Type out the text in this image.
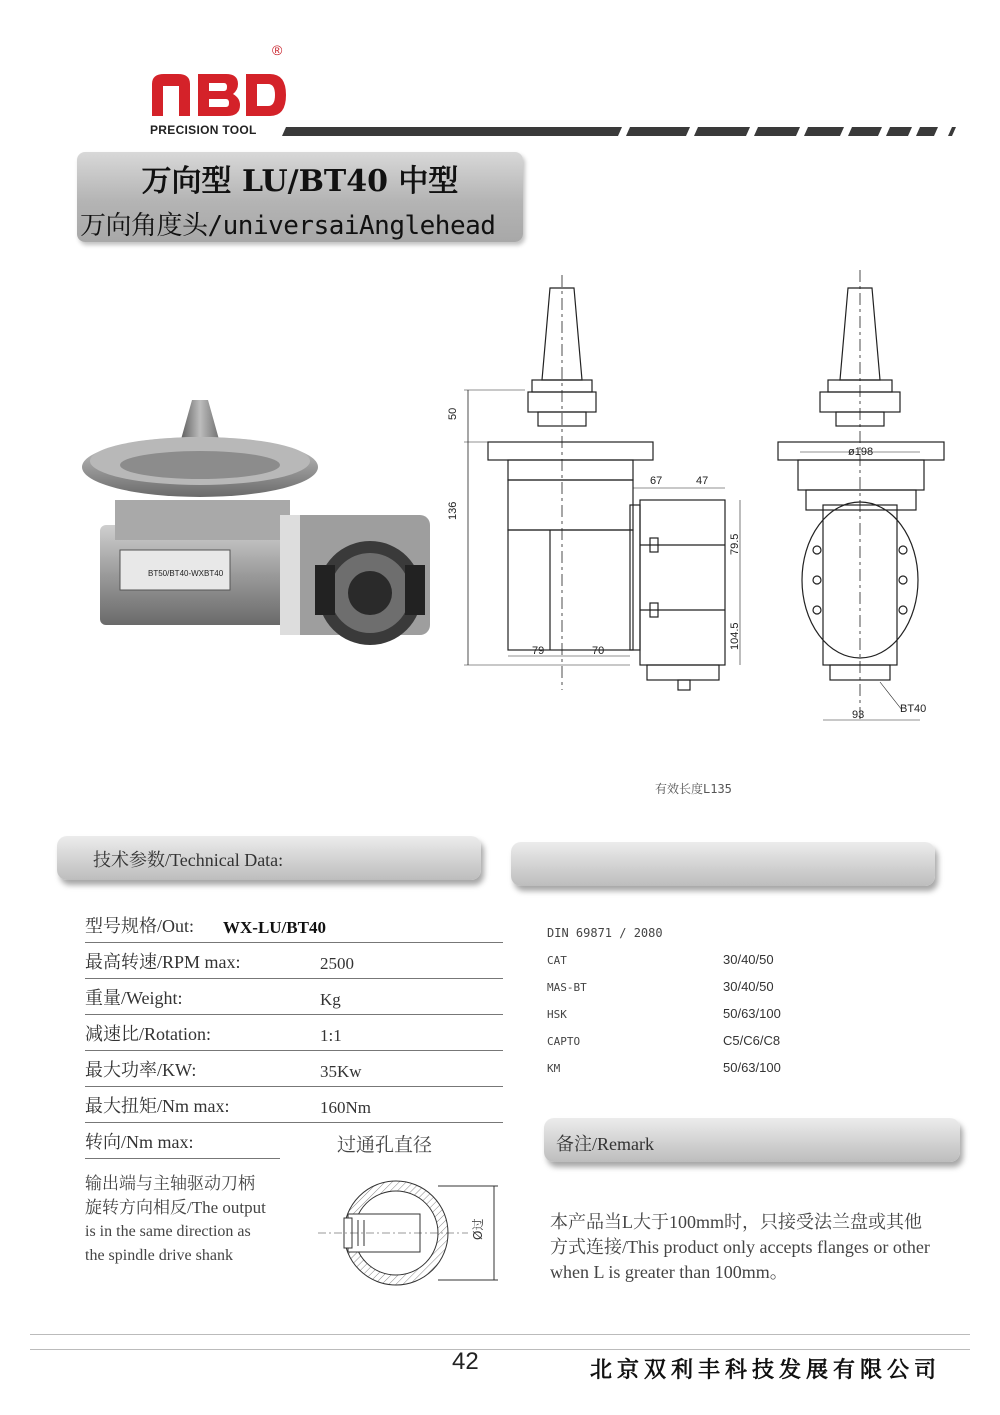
®
PRECISION TOOL
万向型 LU/BT40 中型
万向角度头/universaiAnglehead
BT50/BT40-WXBT40
50
136
67	47
79.5
104.5
79	70
ø198
93	BT40
有效长度L135
技术参数/Technical Data:
型号规格/Out: WX-LU/BT40
最高转速/RPM max:	2500
重量/Weight:	Kg
减速比/Rotation:	1:1
最大功率/KW:	35Kw
最大扭矩/Nm max:	160Nm
转向/Nm max:	过通孔直径
输出端与主轴驱动刀柄
旋转方向相反/The output
is in the same direction as
the spindle drive shank
Ø过
DIN 69871 / 2080
CAT	30/40/50
MAS-BT	30/40/50
HSK	50/63/100
CAPTO	C5/C6/C8
KM	50/63/100
备注/Remark
本产品当L大于100mm时，只接受法兰盘或其他
方式连接/This product only accepts flanges or other
when L is greater than 100mm。
42	北京双利丰科技发展有限公司
